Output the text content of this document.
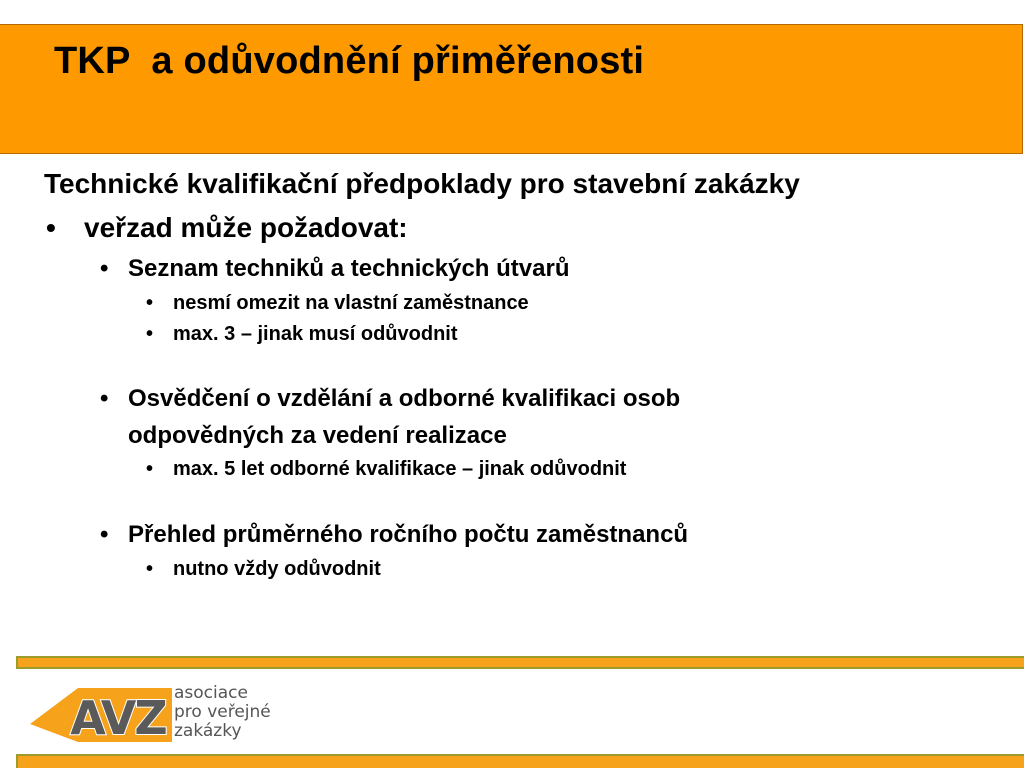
TKP  a odůvodnění přiměřenosti
Technické kvalifikační předpoklady pro stavební zakázky
• veřzad může požadovat:
• Seznam techniků a technických útvarů
• nesmí omezit na vlastní zaměstnance
• max. 3 – jinak musí odůvodnit
• Osvědčení o vzdělání a odborné kvalifikaci osob
odpovědných za vedení realizace
• max. 5 let odborné kvalifikace – jinak odůvodnit
• Přehled průměrného ročního počtu zaměstnanců
• nutno vždy odůvodnit
AVZ asociace
pro veřejné
zakázky
